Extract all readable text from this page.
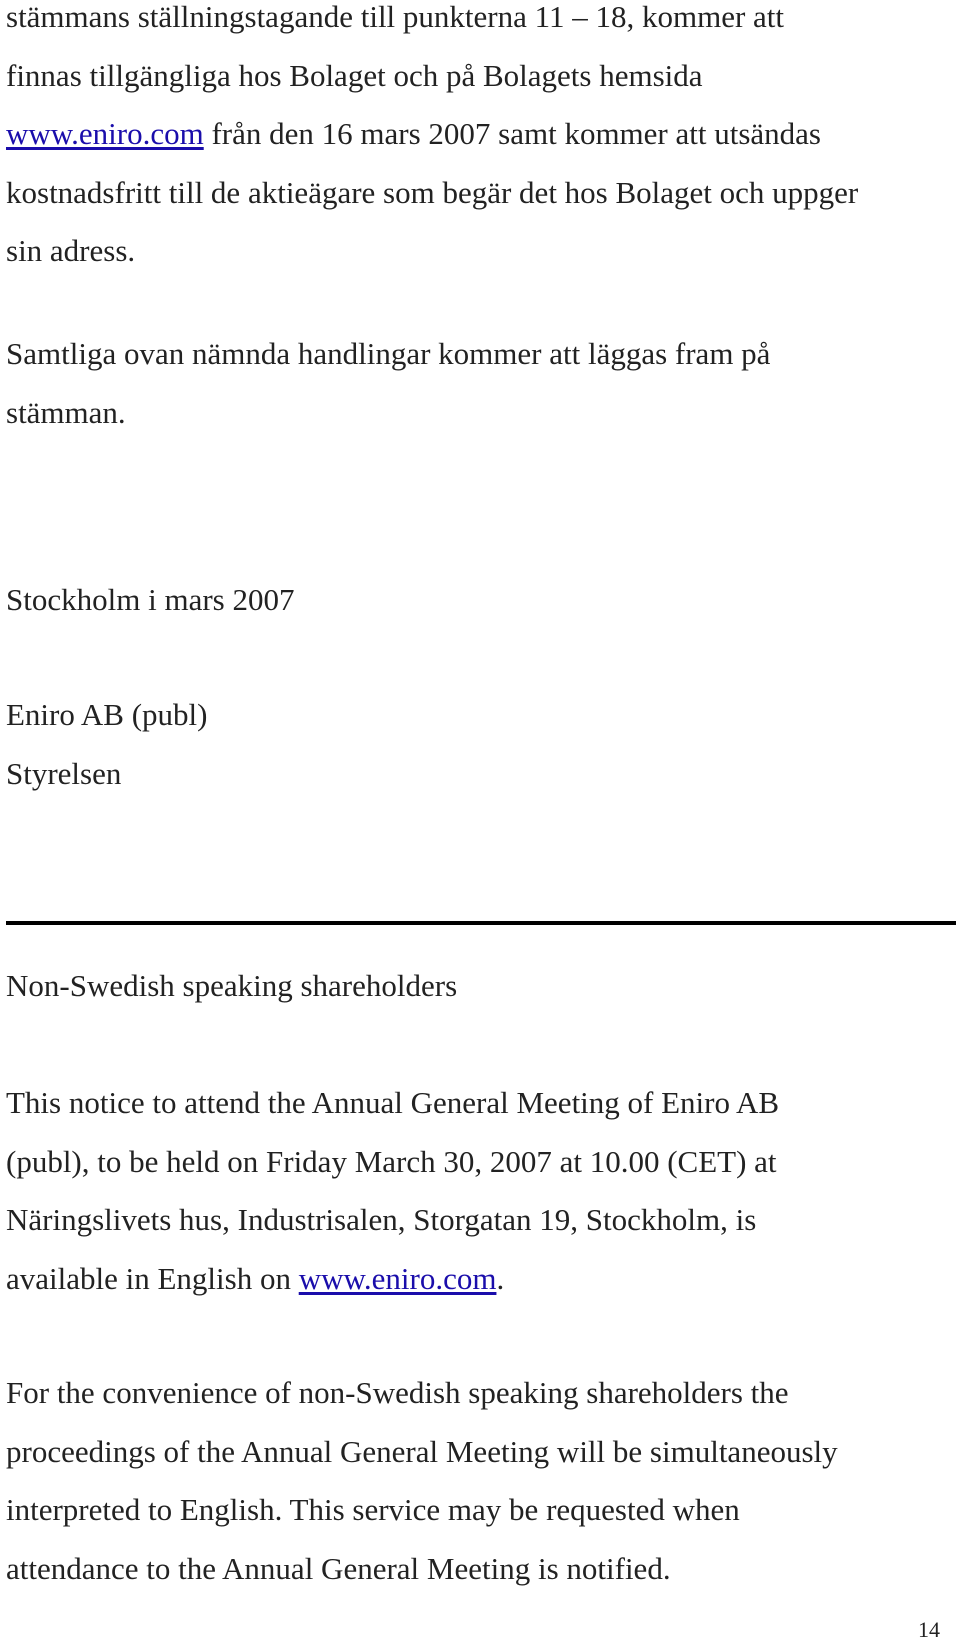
stämmans ställningstagande till punkterna 11 – 18, kommer att
finnas tillgängliga hos Bolaget och på Bolagets hemsida
www.eniro.com från den 16 mars 2007 samt kommer att utsändas
kostnadsfritt till de aktieägare som begär det hos Bolaget och uppger
sin adress.

Samtliga ovan nämnda handlingar kommer att läggas fram på
stämman.

Stockholm i mars 2007

Eniro AB (publ)
Styrelsen

Non-Swedish speaking shareholders

This notice to attend the Annual General Meeting of Eniro AB
(publ), to be held on Friday March 30, 2007 at 10.00 (CET) at
Näringslivets hus, Industrisalen, Storgatan 19, Stockholm, is
available in English on www.eniro.com.

For the convenience of non-Swedish speaking shareholders the
proceedings of the Annual General Meeting will be simultaneously
interpreted to English. This service may be requested when
attendance to the Annual General Meeting is notified.

14
